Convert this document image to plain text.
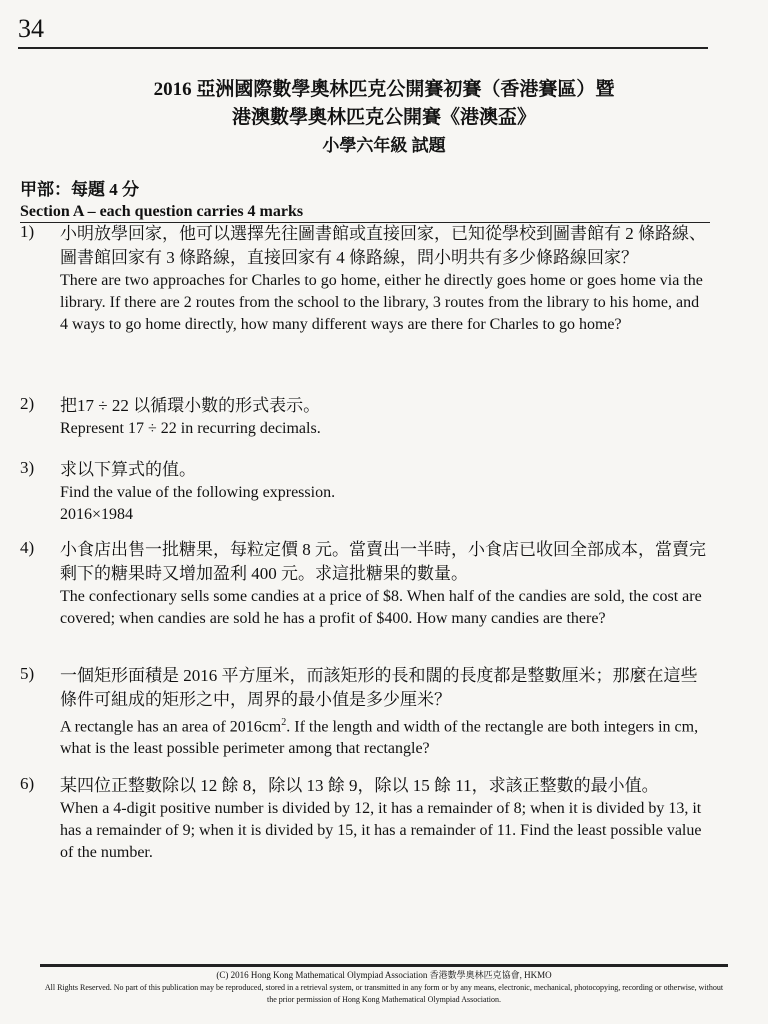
34
2016 亞洲國際數學奧林匹克公開賽初賽（香港賽區）暨
港澳數學奧林匹克公開賽《港澳盃》
小學六年級 試題
甲部：每題 4 分
Section A – each question carries 4 marks
1)	小明放學回家，他可以選擇先往圖書館或直接回家，已知從學校到圖書館有 2 條路線、圖書館回家有 3 條路線，直接回家有 4 條路線，問小明共有多少條路線回家？
There are two approaches for Charles to go home, either he directly goes home or goes home via the library. If there are 2 routes from the school to the library, 3 routes from the library to his home, and 4 ways to go home directly, how many different ways are there for Charles to go home?
2)	把17 ÷ 22 以循環小數的形式表示。
Represent 17 ÷ 22 in recurring decimals.
3)	求以下算式的值。
Find the value of the following expression.
2016×1984
4)	小食店出售一批糖果，每粒定價 8 元。當賣出一半時，小食店已收回全部成本，當賣完剩下的糖果時又增加盈利 400 元。求這批糖果的數量。
The confectionary sells some candies at a price of $8. When half of the candies are sold, the cost are covered; when candies are sold he has a profit of $400. How many candies are there?
5)	一個矩形面積是 2016 平方厘米，而該矩形的長和闊的長度都是整數厘米；那麼在這些條件可組成的矩形之中，周界的最小值是多少厘米？
A rectangle has an area of $2016cm^2$. If the length and width of the rectangle are both integers in cm, what is the least possible perimeter among that rectangle?
6)	某四位正整數除以 12 餘 8，除以 13 餘 9，除以 15 餘 11，求該正整數的最小值。
When a 4-digit positive number is divided by 12, it has a remainder of 8; when it is divided by 13, it has a remainder of 9; when it is divided by 15, it has a remainder of 11. Find the least possible value of the number.
(C) 2016 Hong Kong Mathematical Olympiad Association 香港數學奧林匹克協會, HKMO
All Rights Reserved. No part of this publication may be reproduced, stored in a retrieval system, or transmitted in any form or by any means, electronic, mechanical, photocopying, recording or otherwise, without the prior permission of Hong Kong Mathematical Olympiad Association.
